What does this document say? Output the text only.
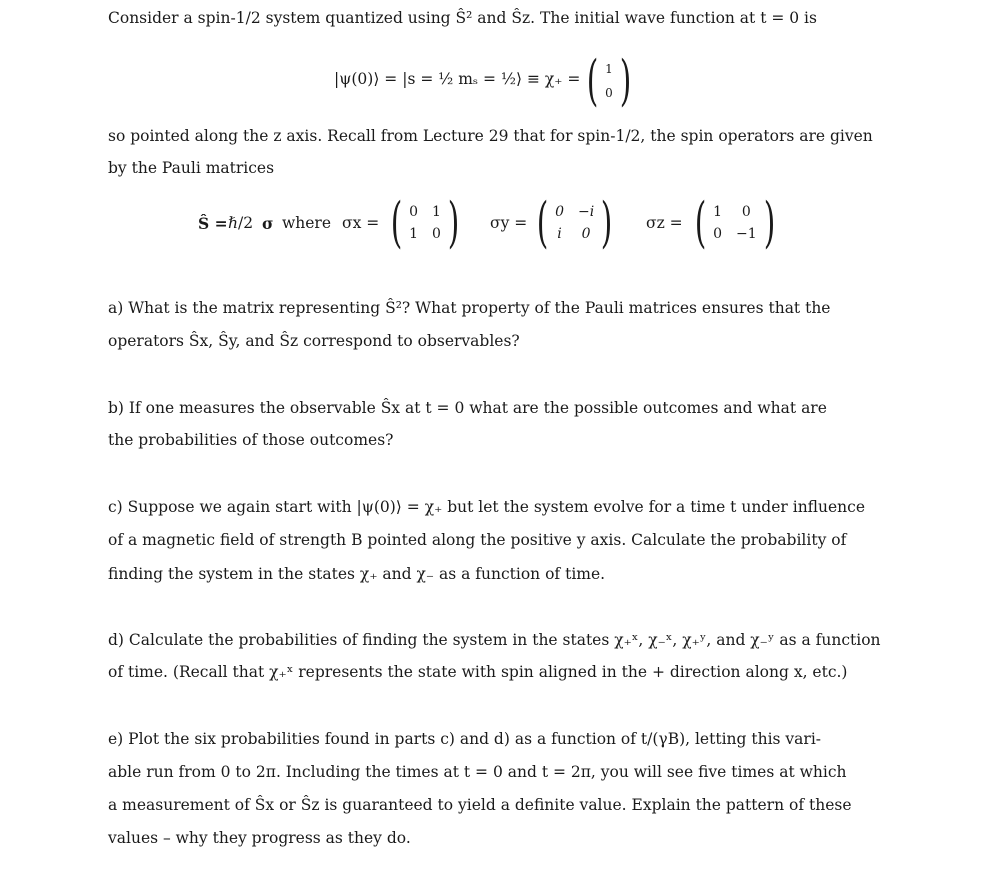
Consider a spin-1/2 system quantized using Ŝ² and Ŝz. The initial wave function at t = 0 is
|ψ(0)⟩ = |s = ½ mₛ = ½⟩ ≡ χ₊ = ( 1
0 )
so pointed along the z axis. Recall from Lecture 29 that for spin-1/2, the spin operators are given
by the Pauli matrices
Ŝ = ℏ/2 σ where σx = ( 0 1
1 0 ) σy = ( 0 −i
i 0 ) σz = ( 1	0
0 −1 )
a) What is the matrix representing Ŝ²? What property of the Pauli matrices ensures that the
operators Ŝx, Ŝy, and Ŝz correspond to observables?
b) If one measures the observable Ŝx at t = 0 what are the possible outcomes and what are
the probabilities of those outcomes?
c) Suppose we again start with |ψ(0)⟩ = χ₊ but let the system evolve for a time t under influence
of a magnetic field of strength B pointed along the positive y axis. Calculate the probability of
finding the system in the states χ₊ and χ₋ as a function of time.
d) Calculate the probabilities of finding the system in the states χ₊ˣ, χ₋ˣ, χ₊ʸ, and χ₋ʸ as a function
of time. (Recall that χ₊ˣ represents the state with spin aligned in the + direction along x, etc.)
e) Plot the six probabilities found in parts c) and d) as a function of t/(γB), letting this vari-
able run from 0 to 2π. Including the times at t = 0 and t = 2π, you will see five times at which
a measurement of Ŝx or Ŝz is guaranteed to yield a definite value. Explain the pattern of these
values – why they progress as they do.
